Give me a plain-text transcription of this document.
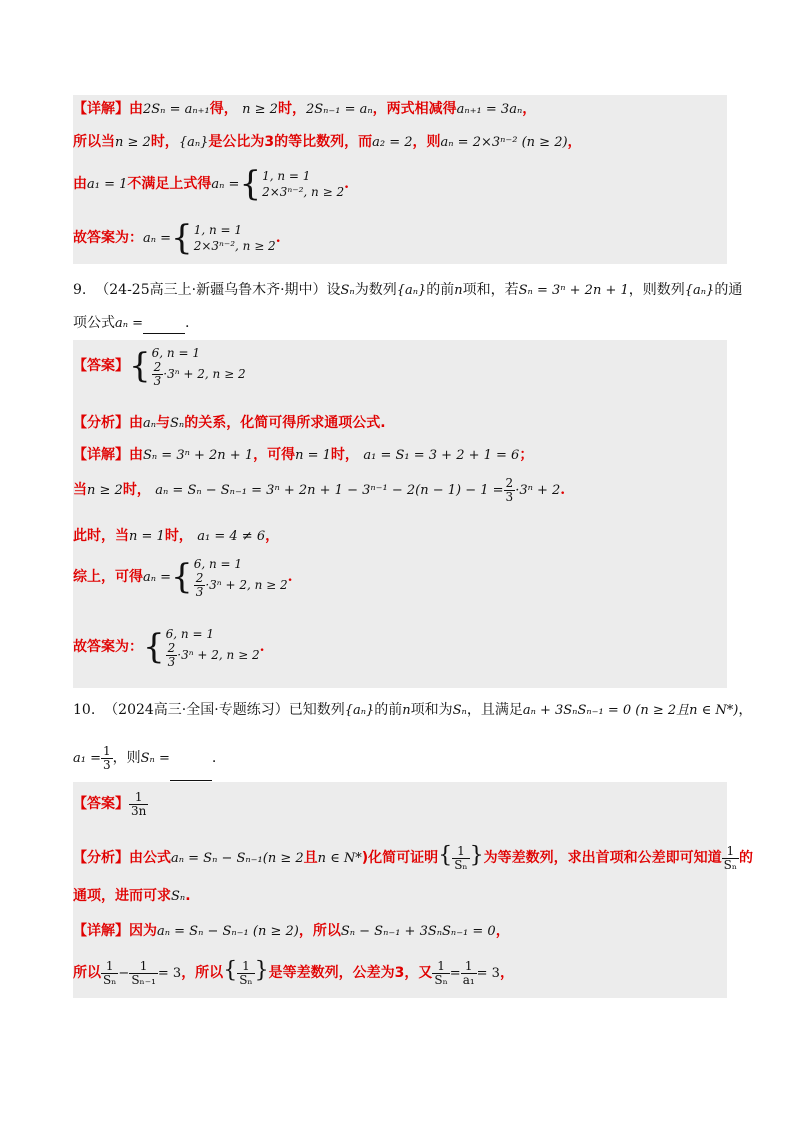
【详解】由2Sₙ = aₙ₊₁得， n ≥ 2时，2Sₙ₋₁ = aₙ，两式相减得aₙ₊₁ = 3aₙ，
所以当n ≥ 2时，{aₙ}是公比为3的等比数列，而a₂ = 2，则aₙ = 2×3ⁿ⁻² (n ≥ 2)，
由a₁ = 1不满足上式得aₙ ={ 1, n = 1
2×3ⁿ⁻², n ≥ 2 .
故答案为：aₙ ={ 1, n = 1
2×3ⁿ⁻², n ≥ 2 .
9. （24-25高三上·新疆乌鲁木齐·期中）设Sₙ为数列{aₙ}的前n项和，若Sₙ = 3ⁿ + 2n + 1，则数列{aₙ}的通
项公式aₙ =	.
【答案】{ 6, n = 1
$\frac{2}{3} \cdot 3^n + 2$, n ≥ 2
【分析】由aₙ与Sₙ的关系，化简可得所求通项公式.
【详解】由Sₙ = 3ⁿ + 2n + 1，可得n = 1时， a₁ = S₁ = 3 + 2 + 1 = 6；
当n ≥ 2时， $a_n = S_n - S_{n-1} = 3^n + 2n + 1 - 3^{n-1} - 2(n - 1) - 1 = \frac{2}{3} \cdot 3^n + 2$.
此时，当n = 1时， a₁ = 4 ≠ 6，
综上，可得aₙ ={ 6, n = 1
$\frac{2}{3} \cdot 3^n + 2$, n ≥ 2 .
故答案为：{ 6, n = 1
$\frac{2}{3} \cdot 3^n + 2$, n ≥ 2 .
10. （2024高三·全国·专题练习）已知数列{aₙ}的前n项和为Sₙ，且满足aₙ + 3SₙSₙ₋₁ = 0 (n ≥ 2且n ∈ N*)，
$a_1 = \frac{1}{3}$ ，则Sₙ =	.
【答案】 $\frac{1}{3n}$
【分析】由公式aₙ = Sₙ − Sₙ₋₁(n ≥ 2且n ∈ N*)化简可证明{ $\frac{1}{\text{Sₙ}}$ }为等差数列，求出首项和公差即可知道 $\frac{1}{\text{Sₙ}}$ 的
通项，进而可求Sₙ.
【详解】因为aₙ = Sₙ − Sₙ₋₁ (n ≥ 2)，所以Sₙ − Sₙ₋₁ + 3SₙSₙ₋₁ = 0，
所以 $\frac{1}{\text{Sₙ}} - \frac{1}{\text{Sₙ₋₁}} = 3$，所以{ $\frac{1}{\text{Sₙ}}$ }是等差数列，公差为3，又 $\frac{1}{\text{Sₙ}} = \frac{1}{\text{a₁}} = 3$，
